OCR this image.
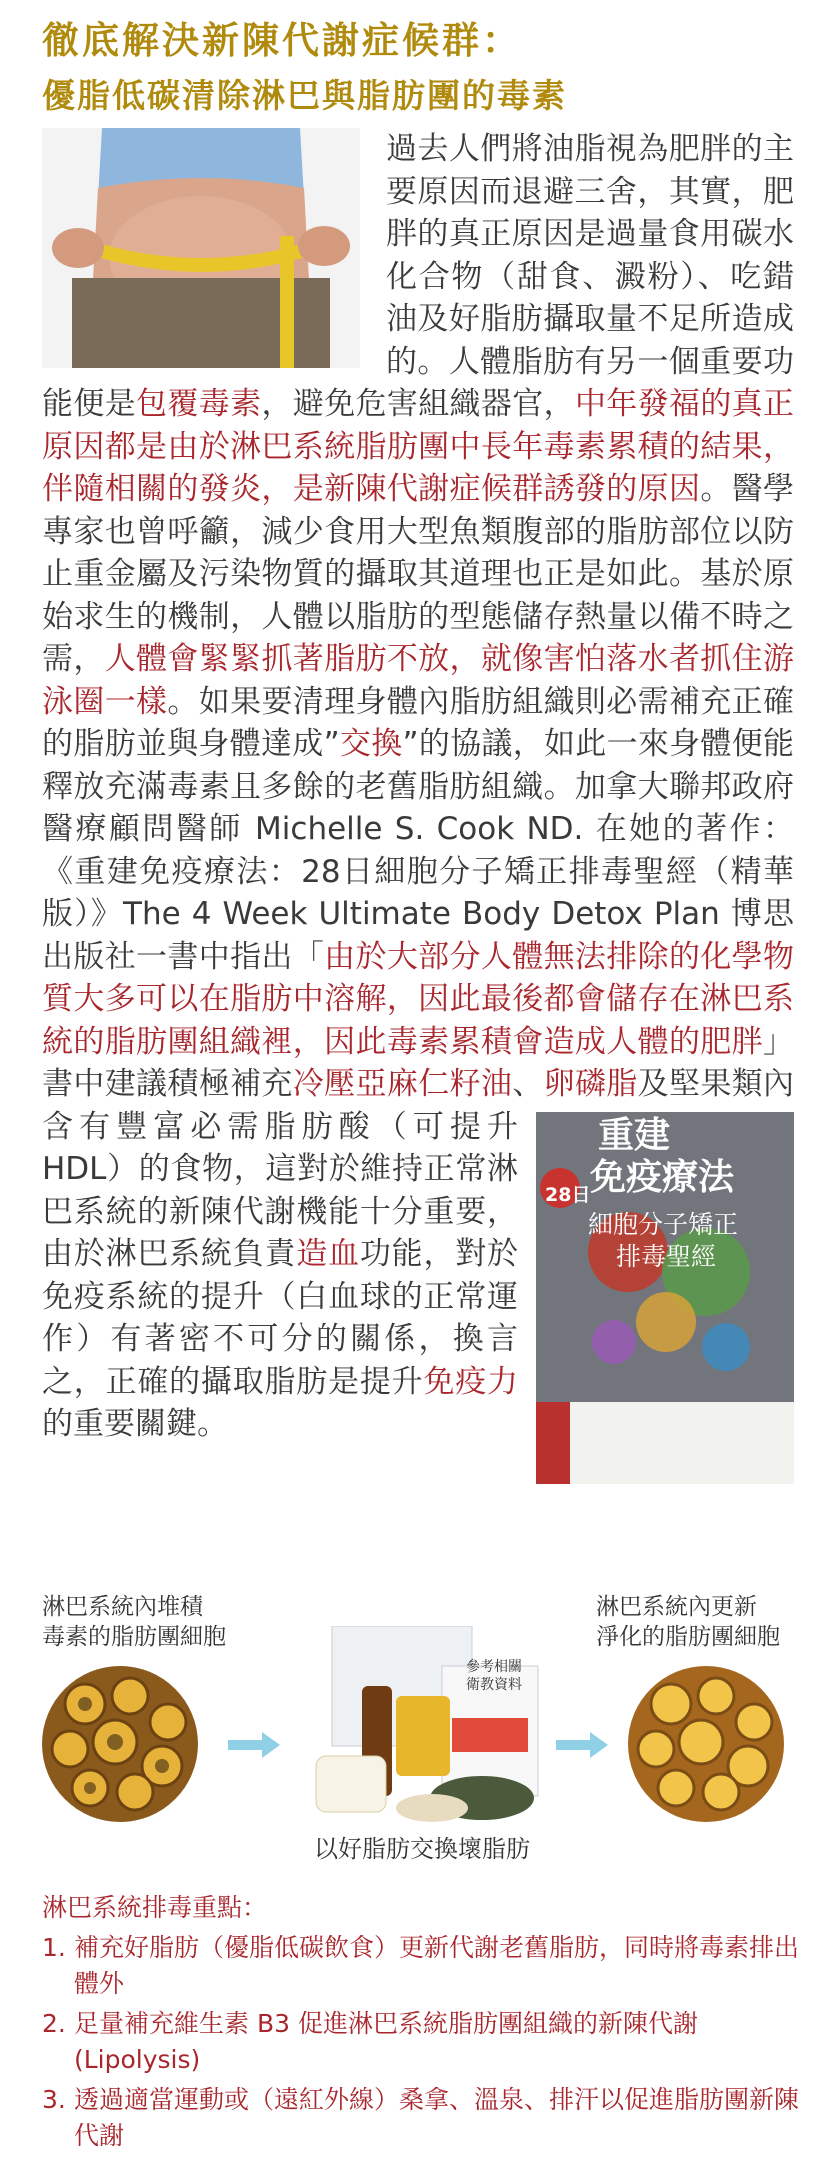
徹底解決新陳代謝症候群：
優脂低碳清除淋巴與脂肪團的毒素
過去人們將油脂視為肥胖的主要原因而退避三舍，其實，肥胖的真正原因是過量食用碳水化合物（甜食、澱粉）、吃錯油及好脂肪攝取量不足所造成的。人體脂肪有另一個重要功能便是包覆毒素，避免危害組織器官，中年發福的真正原因都是由於淋巴系統脂肪團中長年毒素累積的結果，伴隨相關的發炎，是新陳代謝症候群誘發的原因。醫學專家也曾呼籲，減少食用大型魚類腹部的脂肪部位以防止重金屬及污染物質的攝取其道理也正是如此。基於原始求生的機制，人體以脂肪的型態儲存熱量以備不時之需，人體會緊緊抓著脂肪不放，就像害怕落水者抓住游泳圈一樣。如果要清理身體內脂肪組織則必需補充正確的脂肪並與身體達成”交換”的協議，如此一來身體便能釋放充滿毒素且多餘的老舊脂肪組織。加拿大聯邦政府醫療顧問醫師 Michelle S. Cook ND. 在她的著作：《重建免疫療法：28日細胞分子矯正排毒聖經（精華版）》The 4 Week Ultimate Body Detox Plan 博思出版社一書中指出「由於大部分人體無法排除的化學物質大多可以在脂肪中溶解，因此最後都會儲存在淋巴系統的脂肪團組織裡，因此毒素累積會造成人體的肥胖」書中建議積極補充冷壓亞麻仁籽油、卵磷脂
28日
重建
免疫療法
細胞分子矯正
排毒聖經
及堅果類內含有豐富必需脂肪酸（可提升 HDL）的食物，這對於維持正常淋巴系統的新陳代謝機能十分重要，由於淋巴系統負責造血功能，對於免疫系統的提升（白血球的正常運作）有著密不可分的關係，換言之，正確的攝取脂肪是提升免疫力的重要關鍵。
淋巴系統內堆積
毒素的脂肪團細胞
淋巴系統內更新
淨化的脂肪團細胞
以好脂肪交換壞脂肪
參考相關
衛教資料
淋巴系統排毒重點：
1. 補充好脂肪（優脂低碳飲食）更新代謝老舊脂肪，同時將毒素排出體外
2. 足量補充維生素 B3 促進淋巴系統脂肪團組織的新陳代謝(Lipolysis)
3. 透過適當運動或（遠紅外線）桑拿、溫泉、排汗以促進脂肪團新陳代謝
